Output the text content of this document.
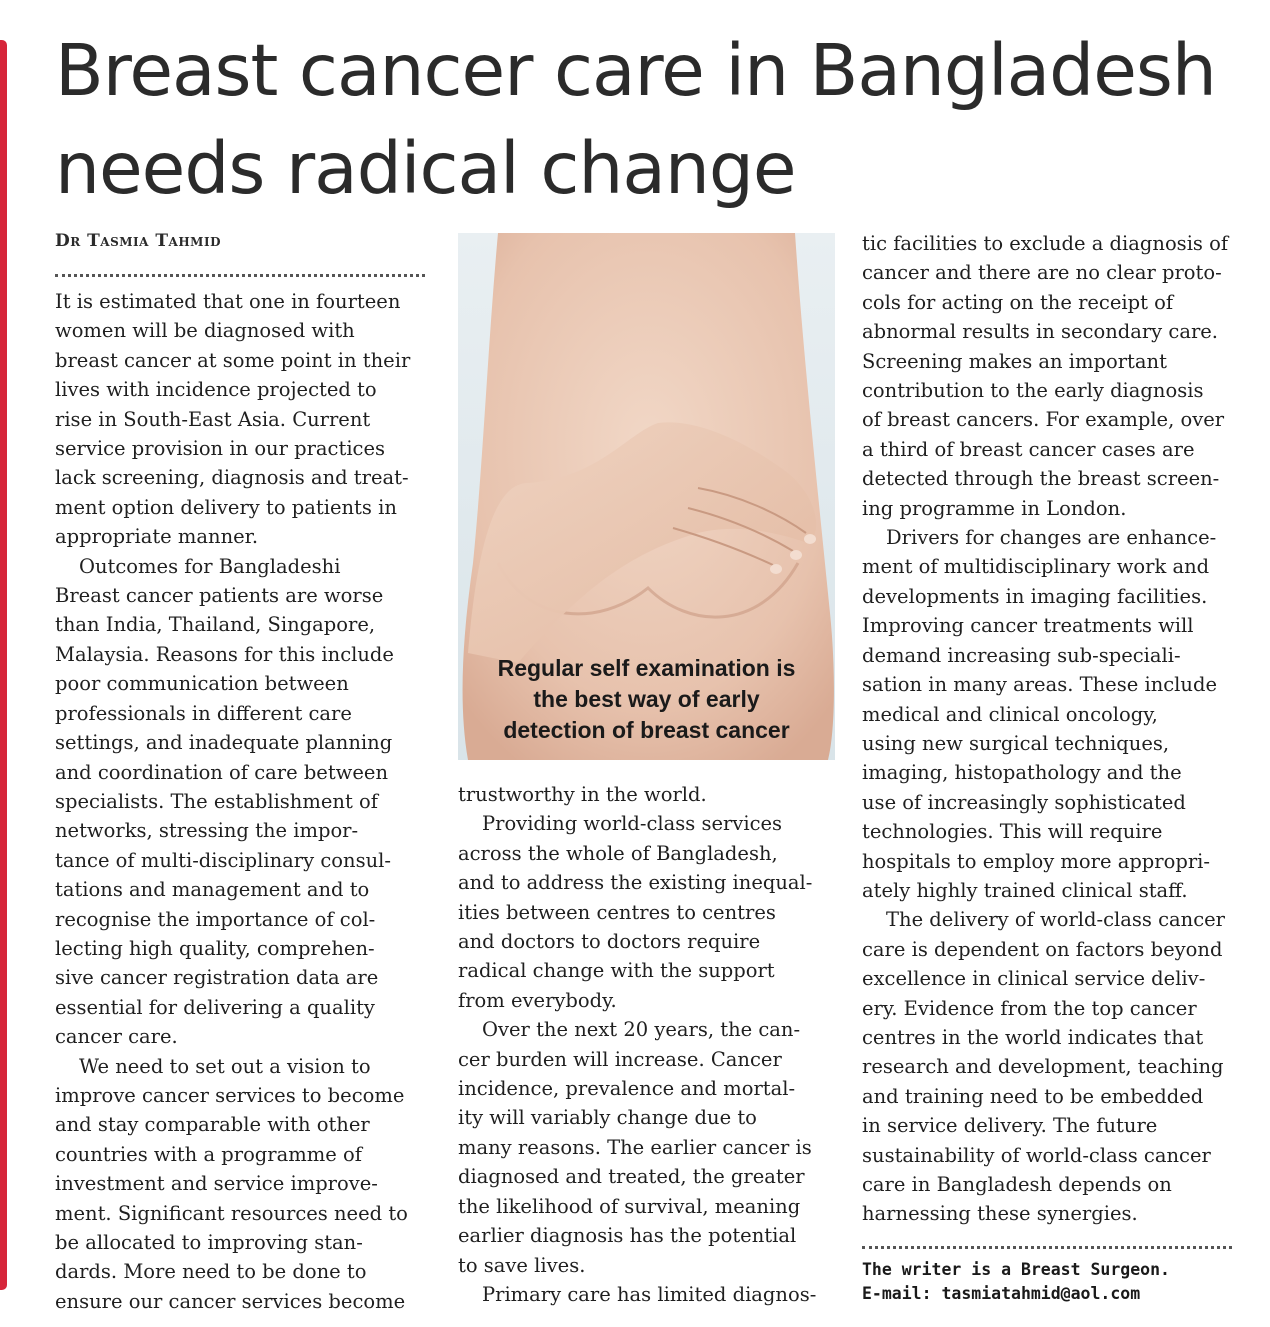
Breast cancer care in Bangladesh
needs radical change
Dr Tasmia Tahmid
It is estimated that one in fourteen
women will be diagnosed with
breast cancer at some point in their
lives with incidence projected to
rise in South-East Asia. Current
service provision in our practices
lack screening, diagnosis and treat-
ment option delivery to patients in
appropriate manner.
Outcomes for Bangladeshi
Breast cancer patients are worse
than India, Thailand, Singapore,
Malaysia. Reasons for this include
poor communication between
professionals in different care
settings, and inadequate planning
and coordination of care between
specialists. The establishment of
networks, stressing the impor-
tance of multi-disciplinary consul-
tations and management and to
recognise the importance of col-
lecting high quality, comprehen-
sive cancer registration data are
essential for delivering a quality
cancer care.
We need to set out a vision to
improve cancer services to become
and stay comparable with other
countries with a programme of
investment and service improve-
ment. Significant resources need to
be allocated to improving stan-
dards. More need to be done to
ensure our cancer services become
Regular self examination is
the best way of early
detection of breast cancer
trustworthy in the world.
Providing world-class services
across the whole of Bangladesh,
and to address the existing inequal-
ities between centres to centres
and doctors to doctors require
radical change with the support
from everybody.
Over the next 20 years, the can-
cer burden will increase. Cancer
incidence, prevalence and mortal-
ity will variably change due to
many reasons. The earlier cancer is
diagnosed and treated, the greater
the likelihood of survival, meaning
earlier diagnosis has the potential
to save lives.
Primary care has limited diagnos-
tic facilities to exclude a diagnosis of
cancer and there are no clear proto-
cols for acting on the receipt of
abnormal results in secondary care.
Screening makes an important
contribution to the early diagnosis
of breast cancers. For example, over
a third of breast cancer cases are
detected through the breast screen-
ing programme in London.
Drivers for changes are enhance-
ment of multidisciplinary work and
developments in imaging facilities.
Improving cancer treatments will
demand increasing sub-speciali-
sation in many areas. These include
medical and clinical oncology,
using new surgical techniques,
imaging, histopathology and the
use of increasingly sophisticated
technologies. This will require
hospitals to employ more appropri-
ately highly trained clinical staff.
The delivery of world-class cancer
care is dependent on factors beyond
excellence in clinical service deliv-
ery. Evidence from the top cancer
centres in the world indicates that
research and development, teaching
and training need to be embedded
in service delivery. The future
sustainability of world-class cancer
care in Bangladesh depends on
harnessing these synergies.
The writer is a Breast Surgeon.
E-mail: tasmiatahmid@aol.com
